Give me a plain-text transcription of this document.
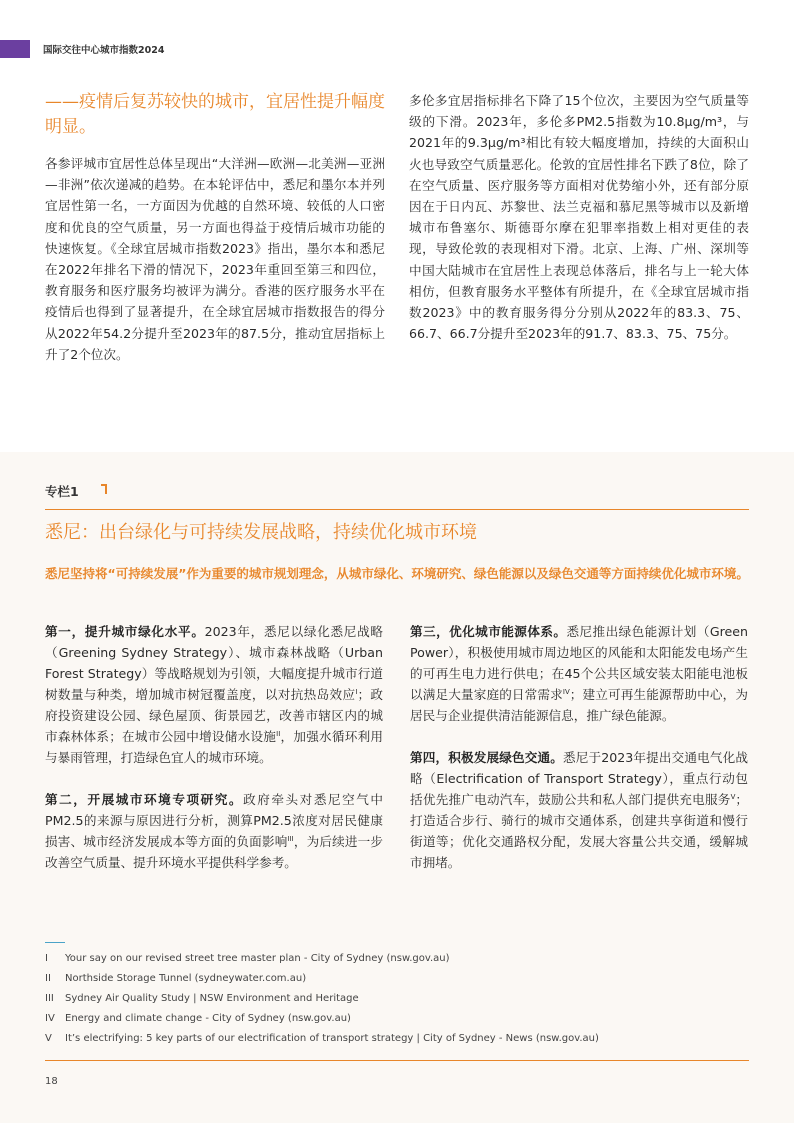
国际交往中心城市指数2024
——疫情后复苏较快的城市，宜居性提升幅度明显。

各参评城市宜居性总体呈现出“大洋洲—欧洲—北美洲—亚洲—非洲”依次递减的趋势。在本轮评估中，悉尼和墨尔本并列宜居性第一名，一方面因为优越的自然环境、较低的人口密度和优良的空气质量，另一方面也得益于疫情后城市功能的快速恢复。《全球宜居城市指数2023》指出，墨尔本和悉尼在2022年排名下滑的情况下，2023年重回至第三和四位，教育服务和医疗服务均被评为满分。香港的医疗服务水平在疫情后也得到了显著提升，在全球宜居城市指数报告的得分从2022年54.2分提升至2023年的87.5分，推动宜居指标上升了2个位次。

多伦多宜居指标排名下降了15个位次，主要因为空气质量等级的下滑。2023年，多伦多PM2.5指数为10.8μg/m³，与2021年的9.3μg/m³相比有较大幅度增加，持续的大面积山火也导致空气质量恶化。伦敦的宜居性排名下跌了8位，除了在空气质量、医疗服务等方面相对优势缩小外，还有部分原因在于日内瓦、苏黎世、法兰克福和慕尼黑等城市以及新增城市布鲁塞尔、斯德哥尔摩在犯罪率指数上相对更佳的表现，导致伦敦的表现相对下滑。北京、上海、广州、深圳等中国大陆城市在宜居性上表现总体落后，排名与上一轮大体相仿，但教育服务水平整体有所提升，在《全球宜居城市指数2023》中的教育服务得分分别从2022年的83.3、75、66.7、66.7分提升至2023年的91.7、83.3、75、75分。

专栏1
悉尼：出台绿化与可持续发展战略，持续优化城市环境
悉尼坚持将“可持续发展”作为重要的城市规划理念，从城市绿化、环境研究、绿色能源以及绿色交通等方面持续优化城市环境。

第一，提升城市绿化水平。2023年，悉尼以绿化悉尼战略（Greening Sydney Strategy）、城市森林战略（Urban Forest Strategy）等战略规划为引领，大幅度提升城市行道树数量与种类，增加城市树冠覆盖度，以对抗热岛效应$^I$；政府投资建设公园、绿色屋顶、街景园艺，改善市辖区内的城市森林体系；在城市公园中增设储水设施$^{II}$，加强水循环利用与暴雨管理，打造绿色宜人的城市环境。

第二，开展城市环境专项研究。政府牵头对悉尼空气中PM2.5的来源与原因进行分析，测算PM2.5浓度对居民健康损害、城市经济发展成本等方面的负面影响$^{III}$，为后续进一步改善空气质量、提升环境水平提供科学参考。

第三，优化城市能源体系。悉尼推出绿色能源计划（Green Power），积极使用城市周边地区的风能和太阳能发电场产生的可再生电力进行供电；在45个公共区域安装太阳能电池板以满足大量家庭的日常需求$^{IV}$；建立可再生能源帮助中心，为居民与企业提供清洁能源信息，推广绿色能源。

第四，积极发展绿色交通。悉尼于2023年提出交通电气化战略（Electrification of Transport Strategy），重点行动包括优先推广电动汽车，鼓励公共和私人部门提供充电服务$^V$；打造适合步行、骑行的城市交通体系，创建共享街道和慢行街道等；优化交通路权分配，发展大容量公共交通，缓解城市拥堵。

I Your say on our revised street tree master plan - City of Sydney (nsw.gov.au)
II Northside Storage Tunnel (sydneywater.com.au)
III Sydney Air Quality Study | NSW Environment and Heritage
IV Energy and climate change - City of Sydney (nsw.gov.au)
V It’s electrifying: 5 key parts of our electrification of transport strategy | City of Sydney - News (nsw.gov.au)
18
